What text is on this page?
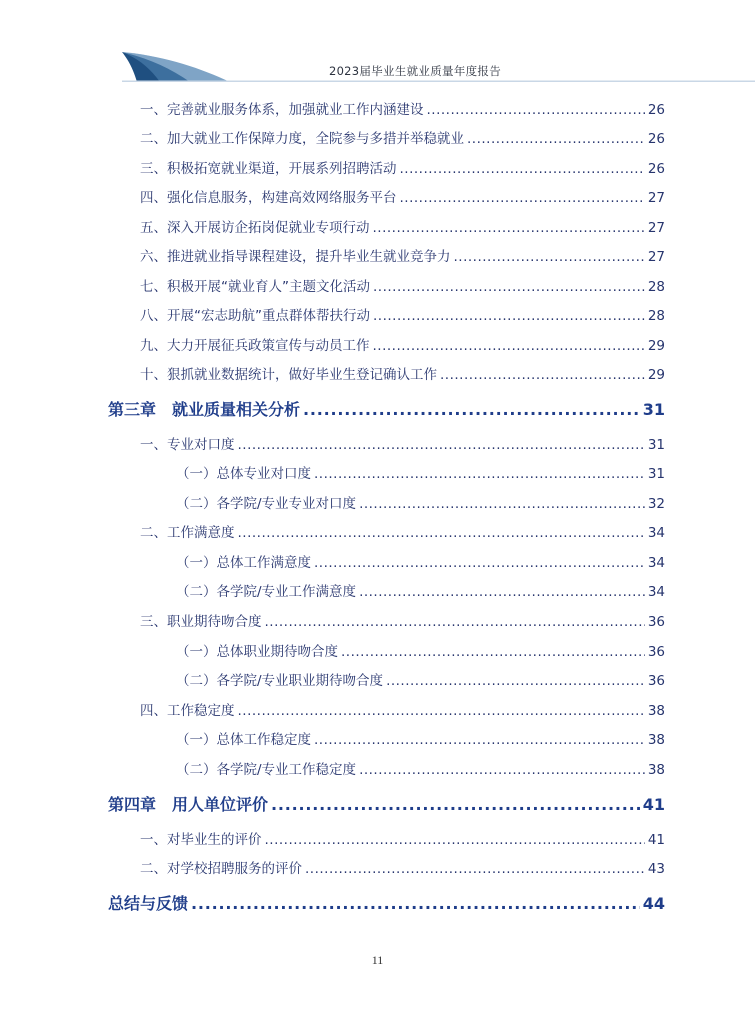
2023届毕业生就业质量年度报告
一、完善就业服务体系，加强就业工作内涵建设 .....	26
二、加大就业工作保障力度，全院参与多措并举稳就业 .....	26
三、积极拓宽就业渠道，开展系列招聘活动 .....	26
四、强化信息服务，构建高效网络服务平台 .....	27
五、深入开展访企拓岗促就业专项行动 .....	27
六、推进就业指导课程建设，提升毕业生就业竞争力 .....	27
七、积极开展“就业育人”主题文化活动 .....	28
八、开展“宏志助航”重点群体帮扶行动 .....	28
九、大力开展征兵政策宣传与动员工作 .....	29
十、狠抓就业数据统计，做好毕业生登记确认工作 .....	29
第三章　就业质量相关分析 .....	31
一、专业对口度 .....	31
（一）总体专业对口度 .....	31
（二）各学院/专业专业对口度 .....	32
二、工作满意度 .....	34
（一）总体工作满意度 .....	34
（二）各学院/专业工作满意度 .....	34
三、职业期待吻合度 .....	36
（一）总体职业期待吻合度 .....	36
（二）各学院/专业职业期待吻合度 .....	36
四、工作稳定度 .....	38
（一）总体工作稳定度 .....	38
（二）各学院/专业工作稳定度 .....	38
第四章　用人单位评价 .....	41
一、对毕业生的评价 .....	41
二、对学校招聘服务的评价 .....	43
总结与反馈 .....	44
11
